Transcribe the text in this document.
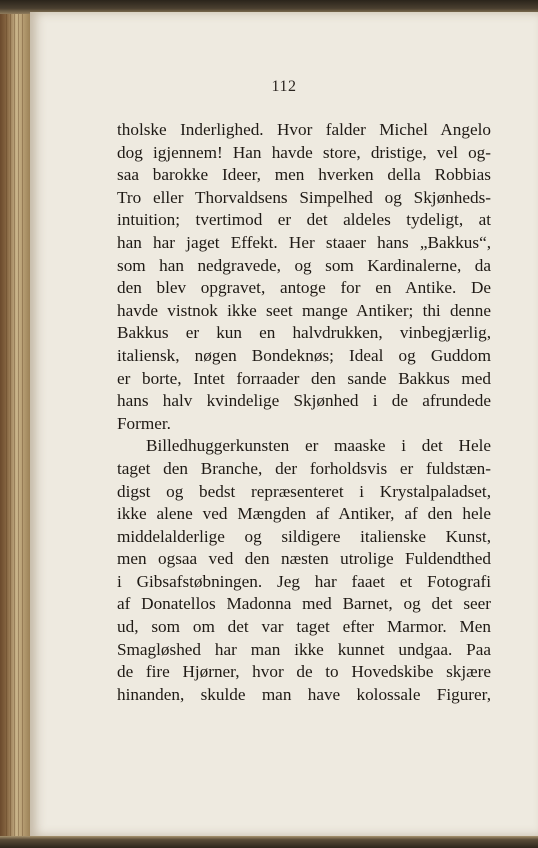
112
tholske Inderlighed. Hvor falder Michel Angelo
dog igjennem! Han havde store, dristige, vel og-
saa barokke Ideer, men hverken della Robbias
Tro eller Thorvaldsens Simpelhed og Skjønheds-
intuition; tvertimod er det aldeles tydeligt, at
han har jaget Effekt. Her staaer hans „Bakkus“,
som han nedgravede, og som Kardinalerne, da
den blev opgravet, antoge for en Antike. De
havde vistnok ikke seet mange Antiker; thi denne
Bakkus er kun en halvdrukken, vinbegjærlig,
italiensk, nøgen Bondeknøs; Ideal og Guddom
er borte, Intet forraader den sande Bakkus med
hans halv kvindelige Skjønhed i de afrundede
Former.
Billedhuggerkunsten er maaske i det Hele
taget den Branche, der forholdsvis er fuldstæn-
digst og bedst repræsenteret i Krystalpaladset,
ikke alene ved Mængden af Antiker, af den hele
middelalderlige og sildigere italienske Kunst,
men ogsaa ved den næsten utrolige Fuldendthed
i Gibsafstøbningen. Jeg har faaet et Fotografi
af Donatellos Madonna med Barnet, og det seer
ud, som om det var taget efter Marmor. Men
Smagløshed har man ikke kunnet undgaa. Paa
de fire Hjørner, hvor de to Hovedskibe skjære
hinanden, skulde man have kolossale Figurer,
